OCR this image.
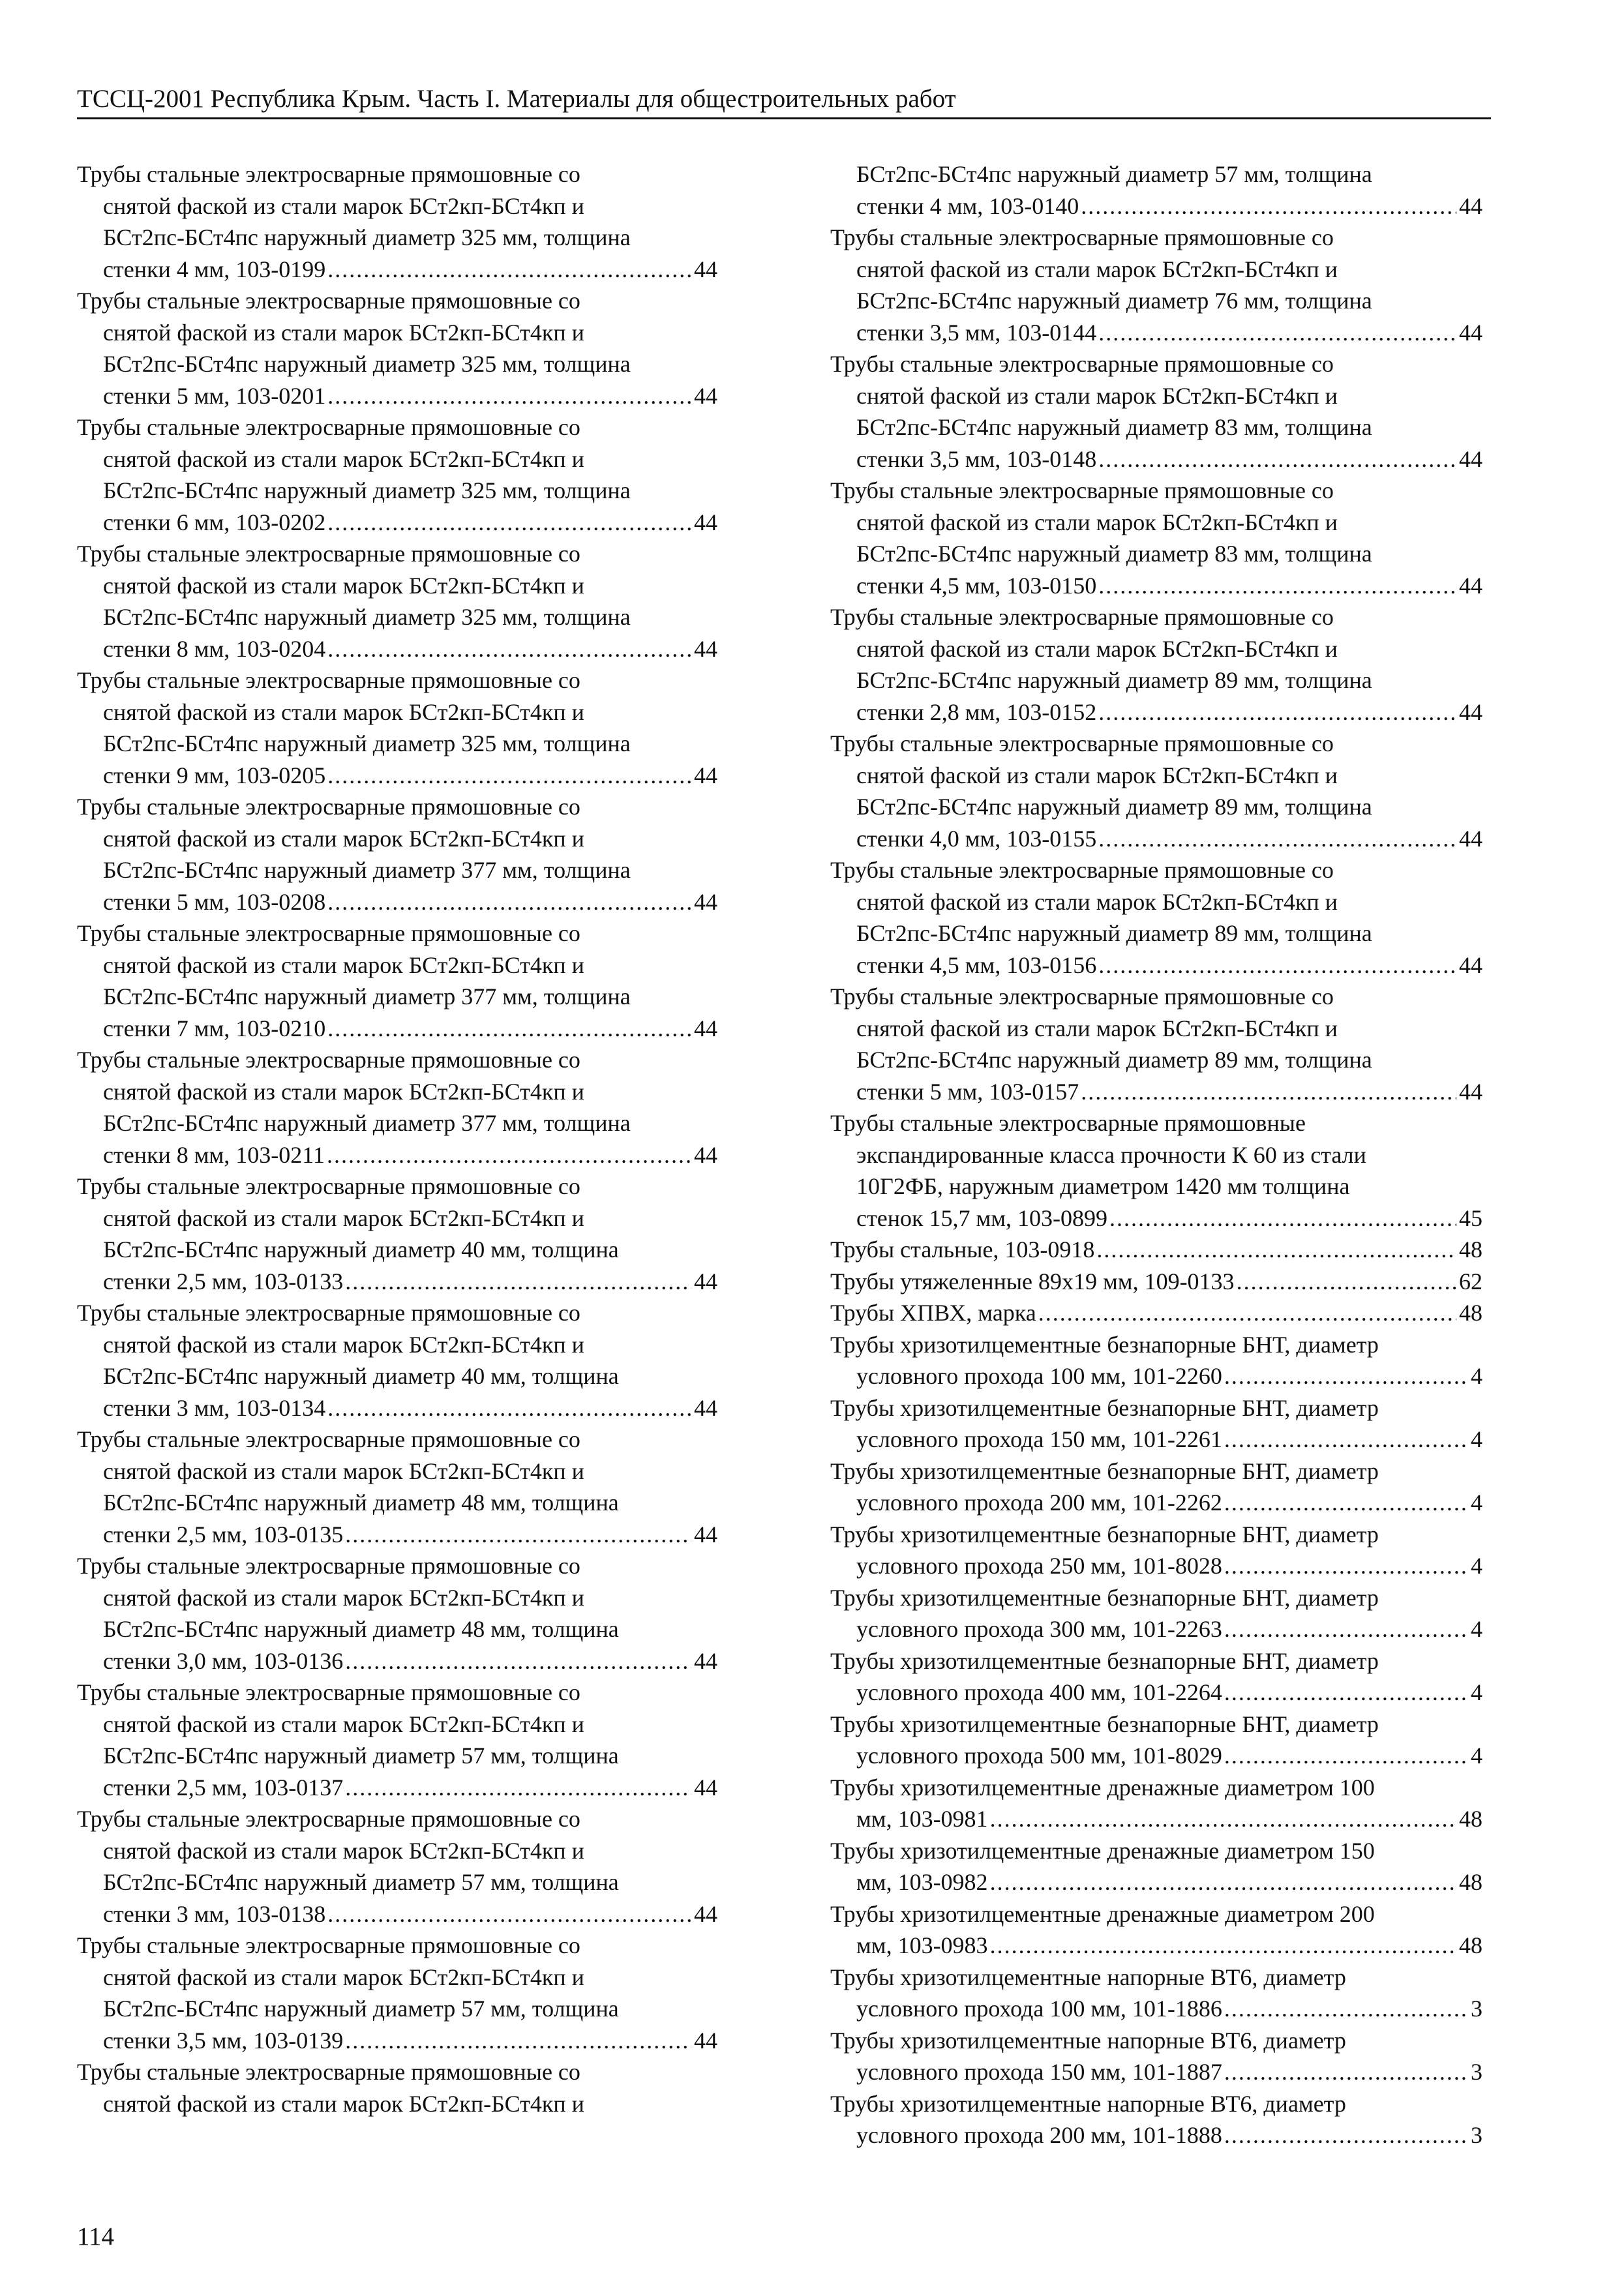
ТССЦ-2001 Республика Крым. Часть I. Материалы для общестроительных работ
Трубы стальные электросварные прямошовные со
снятой фаской из стали марок БСт2кп-БСт4кп и
БСт2пс-БСт4пс наружный диаметр 325 мм, толщина
стенки 4 мм, 103-0199 .....	44
Трубы стальные электросварные прямошовные со
снятой фаской из стали марок БСт2кп-БСт4кп и
БСт2пс-БСт4пс наружный диаметр 325 мм, толщина
стенки 5 мм, 103-0201 .....	44
Трубы стальные электросварные прямошовные со
снятой фаской из стали марок БСт2кп-БСт4кп и
БСт2пс-БСт4пс наружный диаметр 325 мм, толщина
стенки 6 мм, 103-0202 .....	44
Трубы стальные электросварные прямошовные со
снятой фаской из стали марок БСт2кп-БСт4кп и
БСт2пс-БСт4пс наружный диаметр 325 мм, толщина
стенки 8 мм, 103-0204 .....	44
Трубы стальные электросварные прямошовные со
снятой фаской из стали марок БСт2кп-БСт4кп и
БСт2пс-БСт4пс наружный диаметр 325 мм, толщина
стенки 9 мм, 103-0205 .....	44
Трубы стальные электросварные прямошовные со
снятой фаской из стали марок БСт2кп-БСт4кп и
БСт2пс-БСт4пс наружный диаметр 377 мм, толщина
стенки 5 мм, 103-0208 .....	44
Трубы стальные электросварные прямошовные со
снятой фаской из стали марок БСт2кп-БСт4кп и
БСт2пс-БСт4пс наружный диаметр 377 мм, толщина
стенки 7 мм, 103-0210 .....	44
Трубы стальные электросварные прямошовные со
снятой фаской из стали марок БСт2кп-БСт4кп и
БСт2пс-БСт4пс наружный диаметр 377 мм, толщина
стенки 8 мм, 103-0211 .....	44
Трубы стальные электросварные прямошовные со
снятой фаской из стали марок БСт2кп-БСт4кп и
БСт2пс-БСт4пс наружный диаметр 40 мм, толщина
стенки 2,5 мм, 103-0133 .....	44
Трубы стальные электросварные прямошовные со
снятой фаской из стали марок БСт2кп-БСт4кп и
БСт2пс-БСт4пс наружный диаметр 40 мм, толщина
стенки 3 мм, 103-0134 .....	44
Трубы стальные электросварные прямошовные со
снятой фаской из стали марок БСт2кп-БСт4кп и
БСт2пс-БСт4пс наружный диаметр 48 мм, толщина
стенки 2,5 мм, 103-0135 .....	44
Трубы стальные электросварные прямошовные со
снятой фаской из стали марок БСт2кп-БСт4кп и
БСт2пс-БСт4пс наружный диаметр 48 мм, толщина
стенки 3,0 мм, 103-0136 .....	44
Трубы стальные электросварные прямошовные со
снятой фаской из стали марок БСт2кп-БСт4кп и
БСт2пс-БСт4пс наружный диаметр 57 мм, толщина
стенки 2,5 мм, 103-0137 .....	44
Трубы стальные электросварные прямошовные со
снятой фаской из стали марок БСт2кп-БСт4кп и
БСт2пс-БСт4пс наружный диаметр 57 мм, толщина
стенки 3 мм, 103-0138 .....	44
Трубы стальные электросварные прямошовные со
снятой фаской из стали марок БСт2кп-БСт4кп и
БСт2пс-БСт4пс наружный диаметр 57 мм, толщина
стенки 3,5 мм, 103-0139 .....	44
Трубы стальные электросварные прямошовные со
снятой фаской из стали марок БСт2кп-БСт4кп и
БСт2пс-БСт4пс наружный диаметр 57 мм, толщина
стенки 4 мм, 103-0140 .....	44
Трубы стальные электросварные прямошовные со
снятой фаской из стали марок БСт2кп-БСт4кп и
БСт2пс-БСт4пс наружный диаметр 76 мм, толщина
стенки 3,5 мм, 103-0144 .....	44
Трубы стальные электросварные прямошовные со
снятой фаской из стали марок БСт2кп-БСт4кп и
БСт2пс-БСт4пс наружный диаметр 83 мм, толщина
стенки 3,5 мм, 103-0148 .....	44
Трубы стальные электросварные прямошовные со
снятой фаской из стали марок БСт2кп-БСт4кп и
БСт2пс-БСт4пс наружный диаметр 83 мм, толщина
стенки 4,5 мм, 103-0150 .....	44
Трубы стальные электросварные прямошовные со
снятой фаской из стали марок БСт2кп-БСт4кп и
БСт2пс-БСт4пс наружный диаметр 89 мм, толщина
стенки 2,8 мм, 103-0152 .....	44
Трубы стальные электросварные прямошовные со
снятой фаской из стали марок БСт2кп-БСт4кп и
БСт2пс-БСт4пс наружный диаметр 89 мм, толщина
стенки 4,0 мм, 103-0155 .....	44
Трубы стальные электросварные прямошовные со
снятой фаской из стали марок БСт2кп-БСт4кп и
БСт2пс-БСт4пс наружный диаметр 89 мм, толщина
стенки 4,5 мм, 103-0156 .....	44
Трубы стальные электросварные прямошовные со
снятой фаской из стали марок БСт2кп-БСт4кп и
БСт2пс-БСт4пс наружный диаметр 89 мм, толщина
стенки 5 мм, 103-0157 .....	44
Трубы стальные электросварные прямошовные
экспандированные класса прочности К 60 из стали
10Г2ФБ, наружным диаметром 1420 мм толщина
стенок 15,7 мм, 103-0899 .....	45
Трубы стальные, 103-0918 .....	48
Трубы утяжеленные 89х19 мм, 109-0133 .....	62
Трубы ХПВХ, марка .....	48
Трубы хризотилцементные безнапорные БНТ, диаметр
условного прохода 100 мм, 101-2260 .....	4
Трубы хризотилцементные безнапорные БНТ, диаметр
условного прохода 150 мм, 101-2261 .....	4
Трубы хризотилцементные безнапорные БНТ, диаметр
условного прохода 200 мм, 101-2262 .....	4
Трубы хризотилцементные безнапорные БНТ, диаметр
условного прохода 250 мм, 101-8028 .....	4
Трубы хризотилцементные безнапорные БНТ, диаметр
условного прохода 300 мм, 101-2263 .....	4
Трубы хризотилцементные безнапорные БНТ, диаметр
условного прохода 400 мм, 101-2264 .....	4
Трубы хризотилцементные безнапорные БНТ, диаметр
условного прохода 500 мм, 101-8029 .....	4
Трубы хризотилцементные дренажные диаметром 100
мм, 103-0981 .....	48
Трубы хризотилцементные дренажные диаметром 150
мм, 103-0982 .....	48
Трубы хризотилцементные дренажные диаметром 200
мм, 103-0983 .....	48
Трубы хризотилцементные напорные ВТ6, диаметр
условного прохода 100 мм, 101-1886 .....	3
Трубы хризотилцементные напорные ВТ6, диаметр
условного прохода 150 мм, 101-1887 .....	3
Трубы хризотилцементные напорные ВТ6, диаметр
условного прохода 200 мм, 101-1888 .....	3
114
